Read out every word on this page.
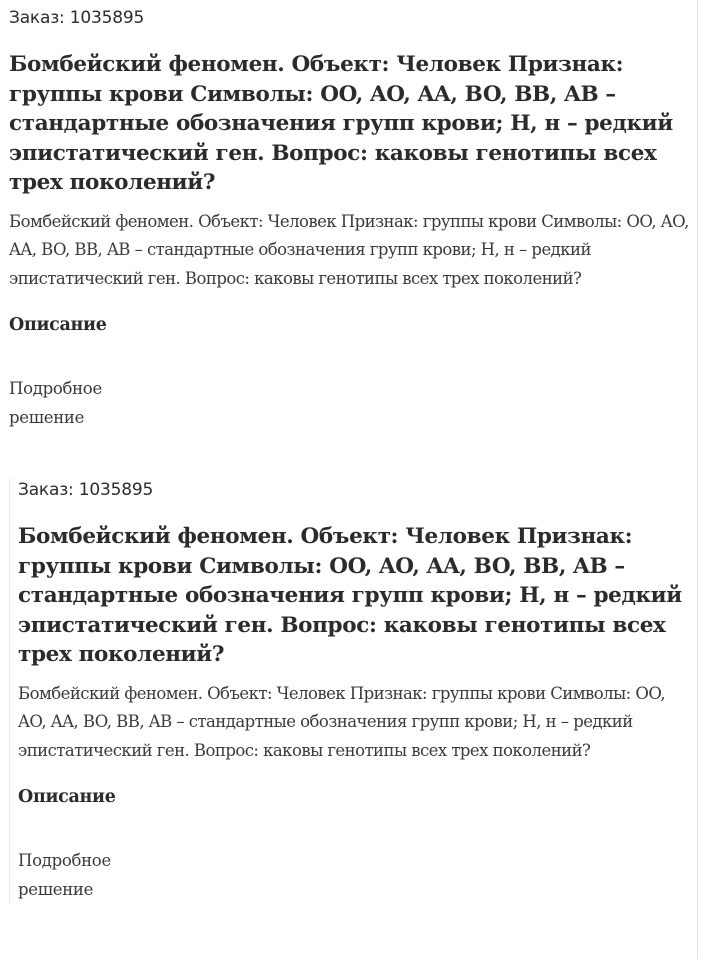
Заказ: 1035895

Бомбейский феномен. Объект: Человек Признак: группы крови Символы: OO, AO, AA, BO, BB, AB – стандартные обозначения групп крови; H, н – редкий эпистатический ген. Вопрос: каковы генотипы всех трех поколений?

Бомбейский феномен. Объект: Человек Признак: группы крови Символы: OO, AO, AA, BO, BB, AB – стандартные обозначения групп крови; H, н – редкий эпистатический ген. Вопрос: каковы генотипы всех трех поколений?

Описание

Подробное решение

Заказ: 1035895

Бомбейский феномен. Объект: Человек Признак: группы крови Символы: OO, AO, AA, BO, BB, AB – стандартные обозначения групп крови; H, н – редкий эпистатический ген. Вопрос: каковы генотипы всех трех поколений?

Бомбейский феномен. Объект: Человек Признак: группы крови Символы: OO, AO, AA, BO, BB, AB – стандартные обозначения групп крови; H, н – редкий эпистатический ген. Вопрос: каковы генотипы всех трех поколений?

Описание

Подробное решение
